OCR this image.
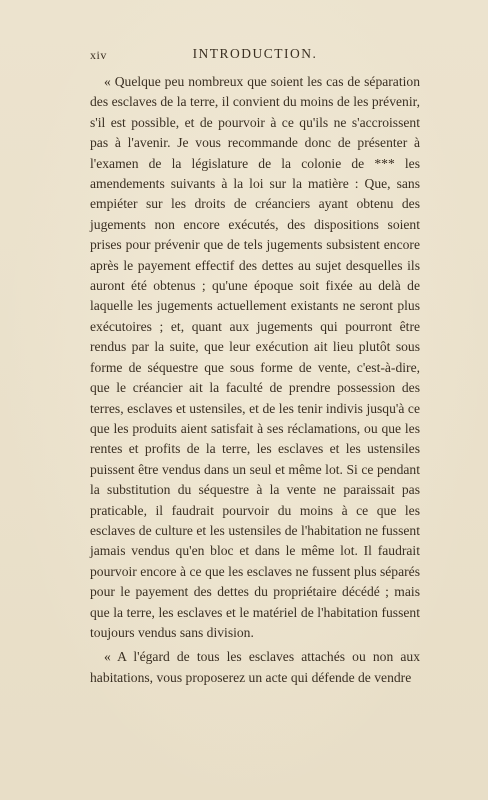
xiv	INTRODUCTION.

« Quelque peu nombreux que soient les cas de séparation des esclaves de la terre, il convient du moins de les prévenir, s'il est possible, et de pourvoir à ce qu'ils ne s'accroissent pas à l'avenir. Je vous recommande donc de présenter à l'examen de la législature de la colonie de *** les amendements suivants à la loi sur la matière : Que, sans empiéter sur les droits de créanciers ayant obtenu des jugements non encore exécutés, des dispositions soient prises pour prévenir que de tels jugements subsistent encore après le payement effectif des dettes au sujet desquelles ils auront été obtenus ; qu'une époque soit fixée au delà de laquelle les jugements actuellement existants ne seront plus exécutoires ; et, quant aux jugements qui pourront être rendus par la suite, que leur exécution ait lieu plutôt sous forme de séquestre que sous forme de vente, c'est-à-dire, que le créancier ait la faculté de prendre possession des terres, esclaves et ustensiles, et de les tenir indivis jusqu'à ce que les produits aient satisfait à ses réclamations, ou que les rentes et profits de la terre, les esclaves et les ustensiles puissent être vendus dans un seul et même lot. Si ce pendant la substitution du séquestre à la vente ne paraissait pas praticable, il faudrait pourvoir du moins à ce que les esclaves de culture et les ustensiles de l'habitation ne fussent jamais vendus qu'en bloc et dans le même lot. Il faudrait pourvoir encore à ce que les esclaves ne fussent plus séparés pour le payement des dettes du propriétaire décédé ; mais que la terre, les esclaves et le matériel de l'habitation fussent toujours vendus sans division.

« A l'égard de tous les esclaves attachés ou non aux habitations, vous proposerez un acte qui défende de vendre
